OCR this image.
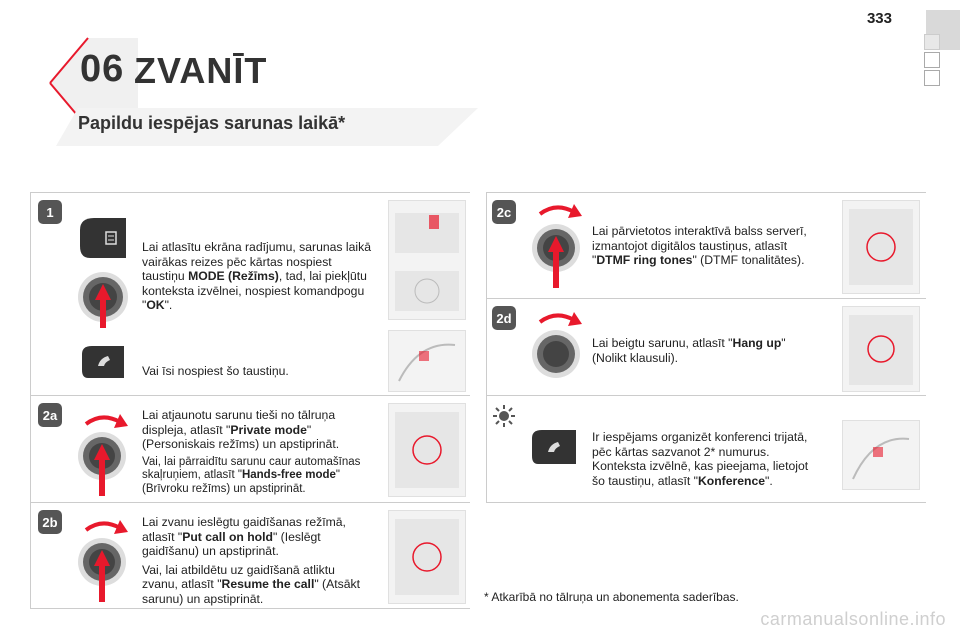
333
06 ZVANĪT
Papildu iespējas sarunas laikā*
1
Lai atlasītu ekrāna radījumu, sarunas laikā vairākas reizes pēc kārtas nospiest taustiņu MODE (Režīms), tad, lai piekļūtu konteksta izvēlnei, nospiest komandpogu "OK".
Vai īsi nospiest šo taustiņu.
2a	Lai atjaunotu sarunu tieši no tālruņa displeja, atlasīt "Private mode" (Personiskais režīms) un apstiprināt.
Vai, lai pārraidītu sarunu caur automašīnas skaļruņiem, atlasīt "Hands-free mode" (Brīvroku režīms) un apstiprināt.
2b	Lai zvanu ieslēgtu gaidīšanas režīmā, atlasīt "Put call on hold" (Ieslēgt gaidīšanu) un apstiprināt.
Vai, lai atbildētu uz gaidīšanā atliktu zvanu, atlasīt "Resume the call" (Atsākt sarunu) un apstiprināt.
2c
Lai pārvietotos interaktīvā balss serverī, izmantojot digitālos taustiņus, atlasīt "DTMF ring tones" (DTMF tonalitātes).
2d
Lai beigtu sarunu, atlasīt "Hang up" (Nolikt klausuli).
Ir iespējams organizēt konferenci trijatā, pēc kārtas sazvanot 2* numurus. Konteksta izvēlnē, kas pieejama, lietojot šo taustiņu, atlasīt "Konference".
* Atkarībā no tālruņa un abonementa saderības.
carmanualsonline.info
